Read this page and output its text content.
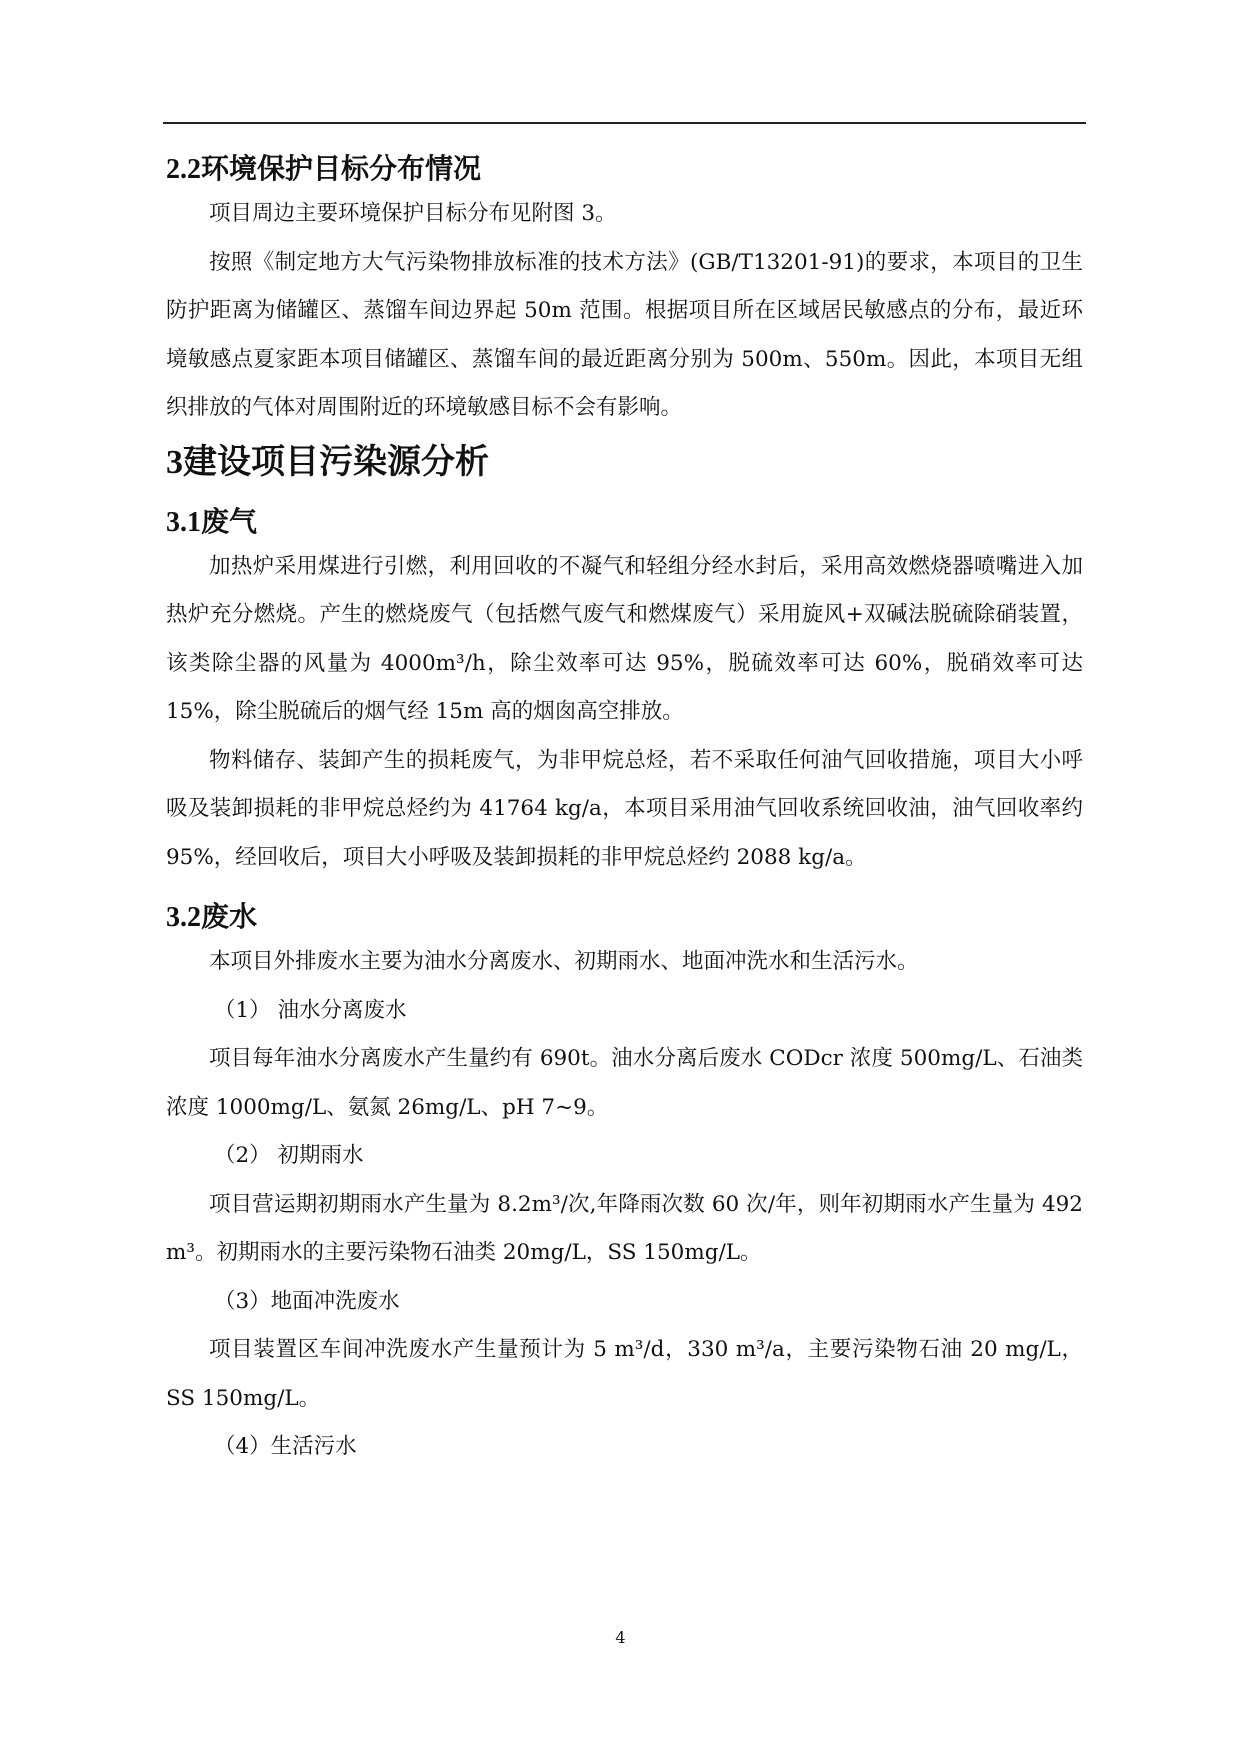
2.2环境保护目标分布情况

项目周边主要环境保护目标分布见附图 3。

按照《制定地方大气污染物排放标准的技术方法》(GB/T13201-91)的要求，本项目的卫生防护距离为储罐区、蒸馏车间边界起 50m 范围。根据项目所在区域居民敏感点的分布，最近环境敏感点夏家距本项目储罐区、蒸馏车间的最近距离分别为 500m、550m。因此，本项目无组织排放的气体对周围附近的环境敏感目标不会有影响。

3建设项目污染源分析
3.1废气

加热炉采用煤进行引燃，利用回收的不凝气和轻组分经水封后，采用高效燃烧器喷嘴进入加热炉充分燃烧。产生的燃烧废气（包括燃气废气和燃煤废气）采用旋风+双碱法脱硫除硝装置，该类除尘器的风量为 4000m³/h，除尘效率可达 95%，脱硫效率可达 60%，脱硝效率可达 15%，除尘脱硫后的烟气经 15m 高的烟囱高空排放。

物料储存、装卸产生的损耗废气，为非甲烷总烃，若不采取任何油气回收措施，项目大小呼吸及装卸损耗的非甲烷总烃约为 41764 kg/a，本项目采用油气回收系统回收油，油气回收率约 95%，经回收后，项目大小呼吸及装卸损耗的非甲烷总烃约 2088 kg/a。

3.2废水

本项目外排废水主要为油水分离废水、初期雨水、地面冲洗水和生活污水。

（1） 油水分离废水

项目每年油水分离废水产生量约有 690t。油水分离后废水 CODcr 浓度 500mg/L、石油类浓度 1000mg/L、氨氮 26mg/L、pH 7~9。

（2） 初期雨水

项目营运期初期雨水产生量为 8.2m³/次,年降雨次数 60 次/年，则年初期雨水产生量为 492 m³。初期雨水的主要污染物石油类 20mg/L，SS 150mg/L。

（3）地面冲洗废水

项目装置区车间冲洗废水产生量预计为 5 m³/d，330 m³/a，主要污染物石油 20 mg/L，SS 150mg/L。

（4）生活污水

4
